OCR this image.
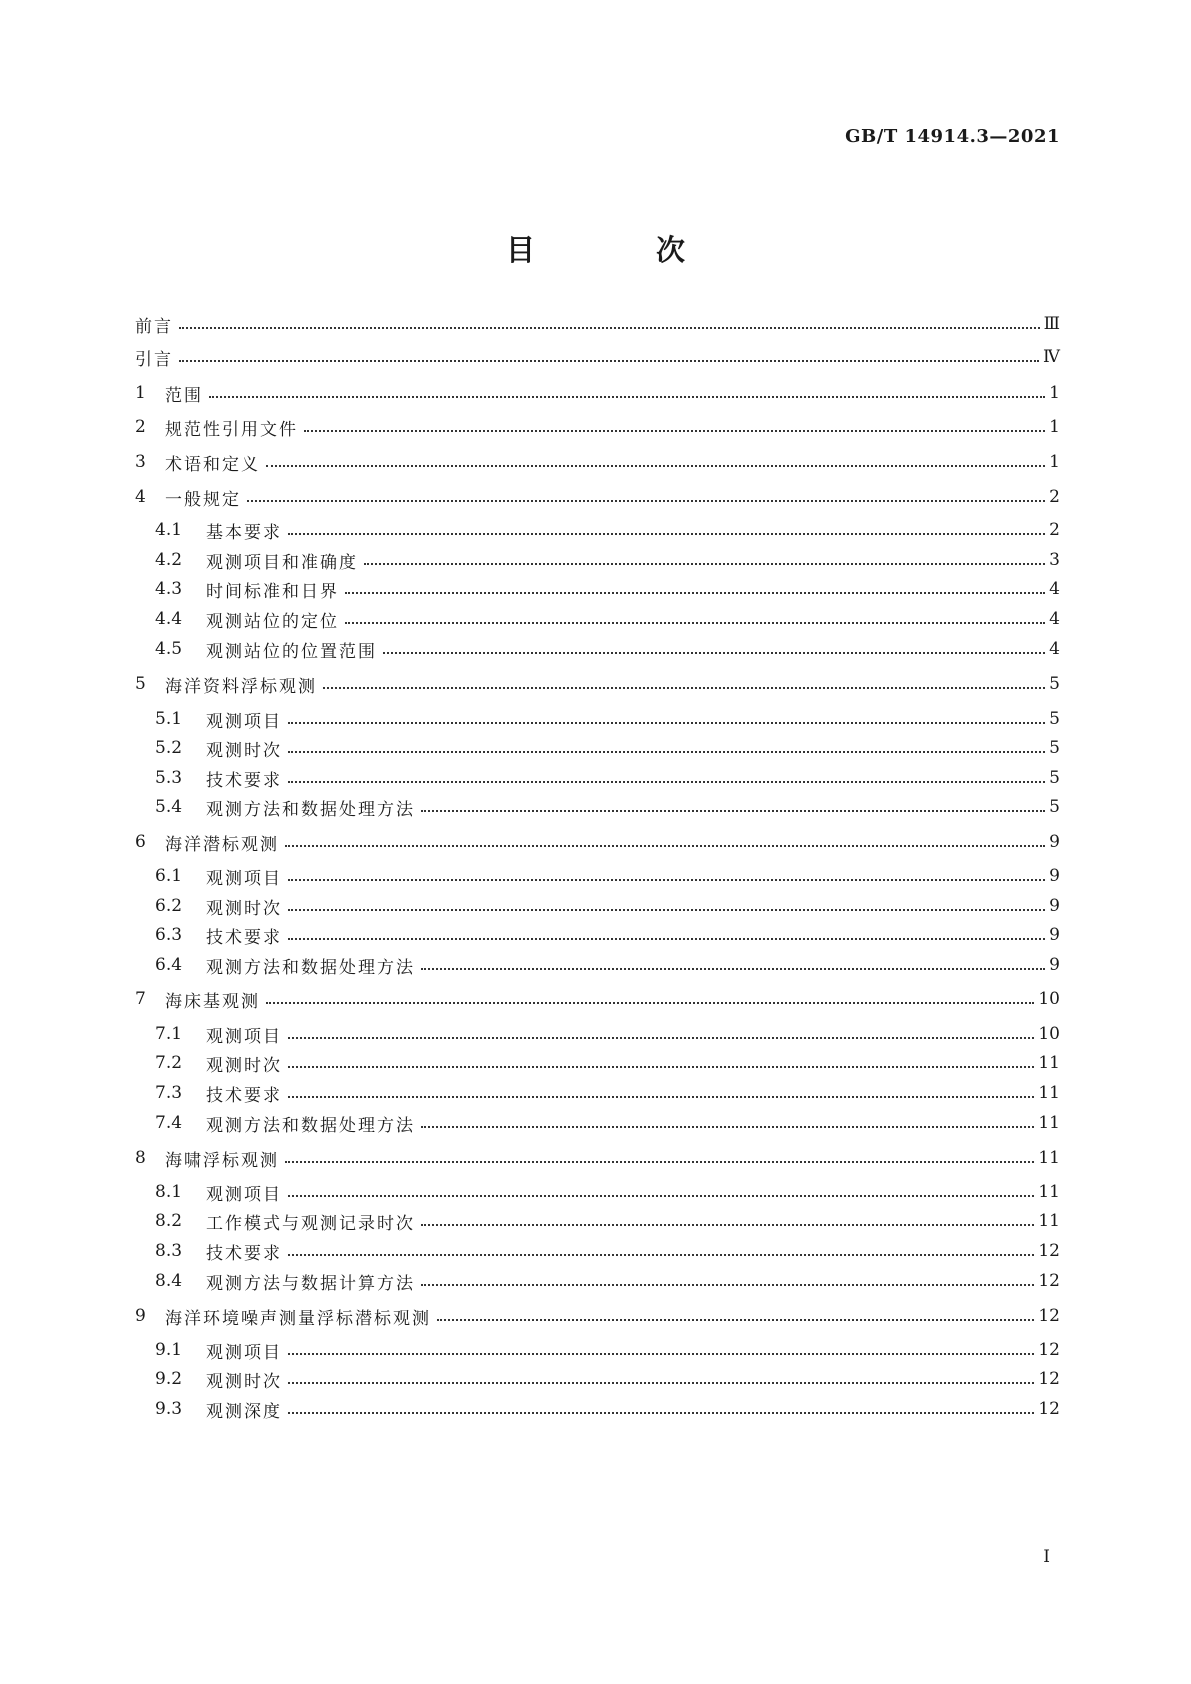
GB/T 14914.3—2021
目　次
前言	Ⅲ
引言	Ⅳ
1	范围	1
2	规范性引用文件	1
3	术语和定义	1
4	一般规定	2
4.1	基本要求	2
4.2	观测项目和准确度	3
4.3	时间标准和日界	4
4.4	观测站位的定位	4
4.5	观测站位的位置范围	4
5	海洋资料浮标观测	5
5.1	观测项目	5
5.2	观测时次	5
5.3	技术要求	5
5.4	观测方法和数据处理方法	5
6	海洋潜标观测	9
6.1	观测项目	9
6.2	观测时次	9
6.3	技术要求	9
6.4	观测方法和数据处理方法	9
7	海床基观测	10
7.1	观测项目	10
7.2	观测时次	11
7.3	技术要求	11
7.4	观测方法和数据处理方法	11
8	海啸浮标观测	11
8.1	观测项目	11
8.2	工作模式与观测记录时次	11
8.3	技术要求	12
8.4	观测方法与数据计算方法	12
9	海洋环境噪声测量浮标潜标观测	12
9.1	观测项目	12
9.2	观测时次	12
9.3	观测深度	12
I
